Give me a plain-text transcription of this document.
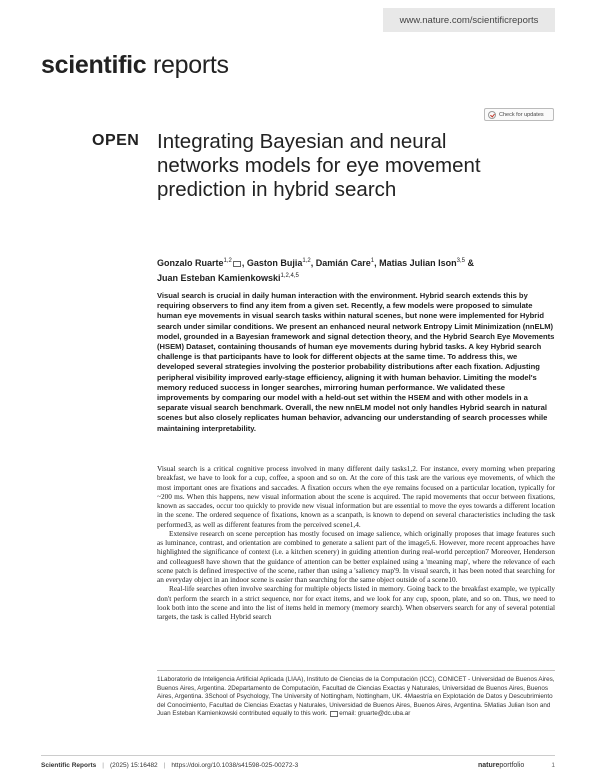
www.nature.com/scientificreports
scientific reports
Check for updates
OPEN Integrating Bayesian and neural networks models for eye movement prediction in hybrid search
Gonzalo Ruarte$^{1,2}$ , Gaston Bujia$^{1,2}$, Damián Care$^1$, Matias Julian Ison$^{3,5}$ & Juan Esteban Kamienkowski$^{1,2,4,5}$
Visual search is crucial in daily human interaction with the environment. Hybrid search extends this by requiring observers to find any item from a given set. Recently, a few models were proposed to simulate human eye movements in visual search tasks within natural scenes, but none were implemented for Hybrid search under similar conditions. We present an enhanced neural network Entropy Limit Minimization (nnELM) model, grounded in a Bayesian framework and signal detection theory, and the Hybrid Search Eye Movements (HSEM) Dataset, containing thousands of human eye movements during hybrid tasks. A key Hybrid search challenge is that participants have to look for different objects at the same time. To address this, we developed several strategies involving the posterior probability distributions after each fixation. Adjusting peripheral visibility improved early-stage efficiency, aligning it with human behavior. Limiting the model's memory reduced success in longer searches, mirroring human performance. We validated these improvements by comparing our model with a held-out set within the HSEM and with other models in a separate visual search benchmark. Overall, the new nnELM model not only handles Hybrid search in natural scenes but also closely replicates human behavior, advancing our understanding of search processes while maintaining interpretability.

Visual search is a critical cognitive process involved in many different daily tasks1,2. For instance, every morning when preparing breakfast, we have to look for a cup, coffee, a spoon and so on. At the core of this task are the various eye movements, of which the most important ones are fixations and saccades. A fixation occurs when the eye remains focused on a particular location, typically for ~200 ms. When this happens, new visual information about the scene is acquired. The rapid movements that occur between fixations, known as saccades, occur too quickly to provide new visual information but are essential to move the eyes towards a different location in the scene. The ordered sequence of fixations, known as a scanpath, is known to depend on several characteristics including the task performed3, as well as different features from the perceived scene1,4.

Extensive research on scene perception has mostly focused on image salience, which originally proposes that image features such as luminance, contrast, and orientation are combined to generate a salient part of the image5,6. However, more recent approaches have highlighted the significance of context (i.e. a kitchen scenery) in guiding attention during real-world perception7 Moreover, Henderson and colleagues8 have shown that the guidance of attention can be better explained using a 'meaning map', where the relevance of each scene patch is defined irrespective of the scene, rather than using a 'saliency map'9. In visual search, it has been noted that searching for an everyday object in an indoor scene is easier than searching for the same object outside of a scene10.

Real-life searches often involve searching for multiple objects listed in memory. Going back to the breakfast example, we typically don't perform the search in a strict sequence, nor for exact items, and we look for any cup, spoon, plate, and so on. Thus, we need to look both into the scene and into the list of items held in memory (memory search). When observers search for any of several potential targets, the task is called Hybrid search

1Laboratorio de Inteligencia Artificial Aplicada (LIAA), Instituto de Ciencias de la Computación (ICC), CONICET - Universidad de Buenos Aires, Buenos Aires, Argentina. 2Departamento de Computación, Facultad de Ciencias Exactas y Naturales, Universidad de Buenos Aires, Buenos Aires, Argentina. 3School of Psychology, The University of Nottingham, Nottingham, UK. 4Maestría en Explotación de Datos y Descubrimiento del Conocimiento, Facultad de Ciencias Exactas y Naturales, Universidad de Buenos Aires, Buenos Aires, Argentina. 5Matias Julian Ison and Juan Esteban Kamienkowski contributed equally to this work. email: gruarte@dc.uba.ar
Scientific Reports | (2025) 15:16482 | https://doi.org/10.1038/s41598-025-00272-3	natureportfolio	1
